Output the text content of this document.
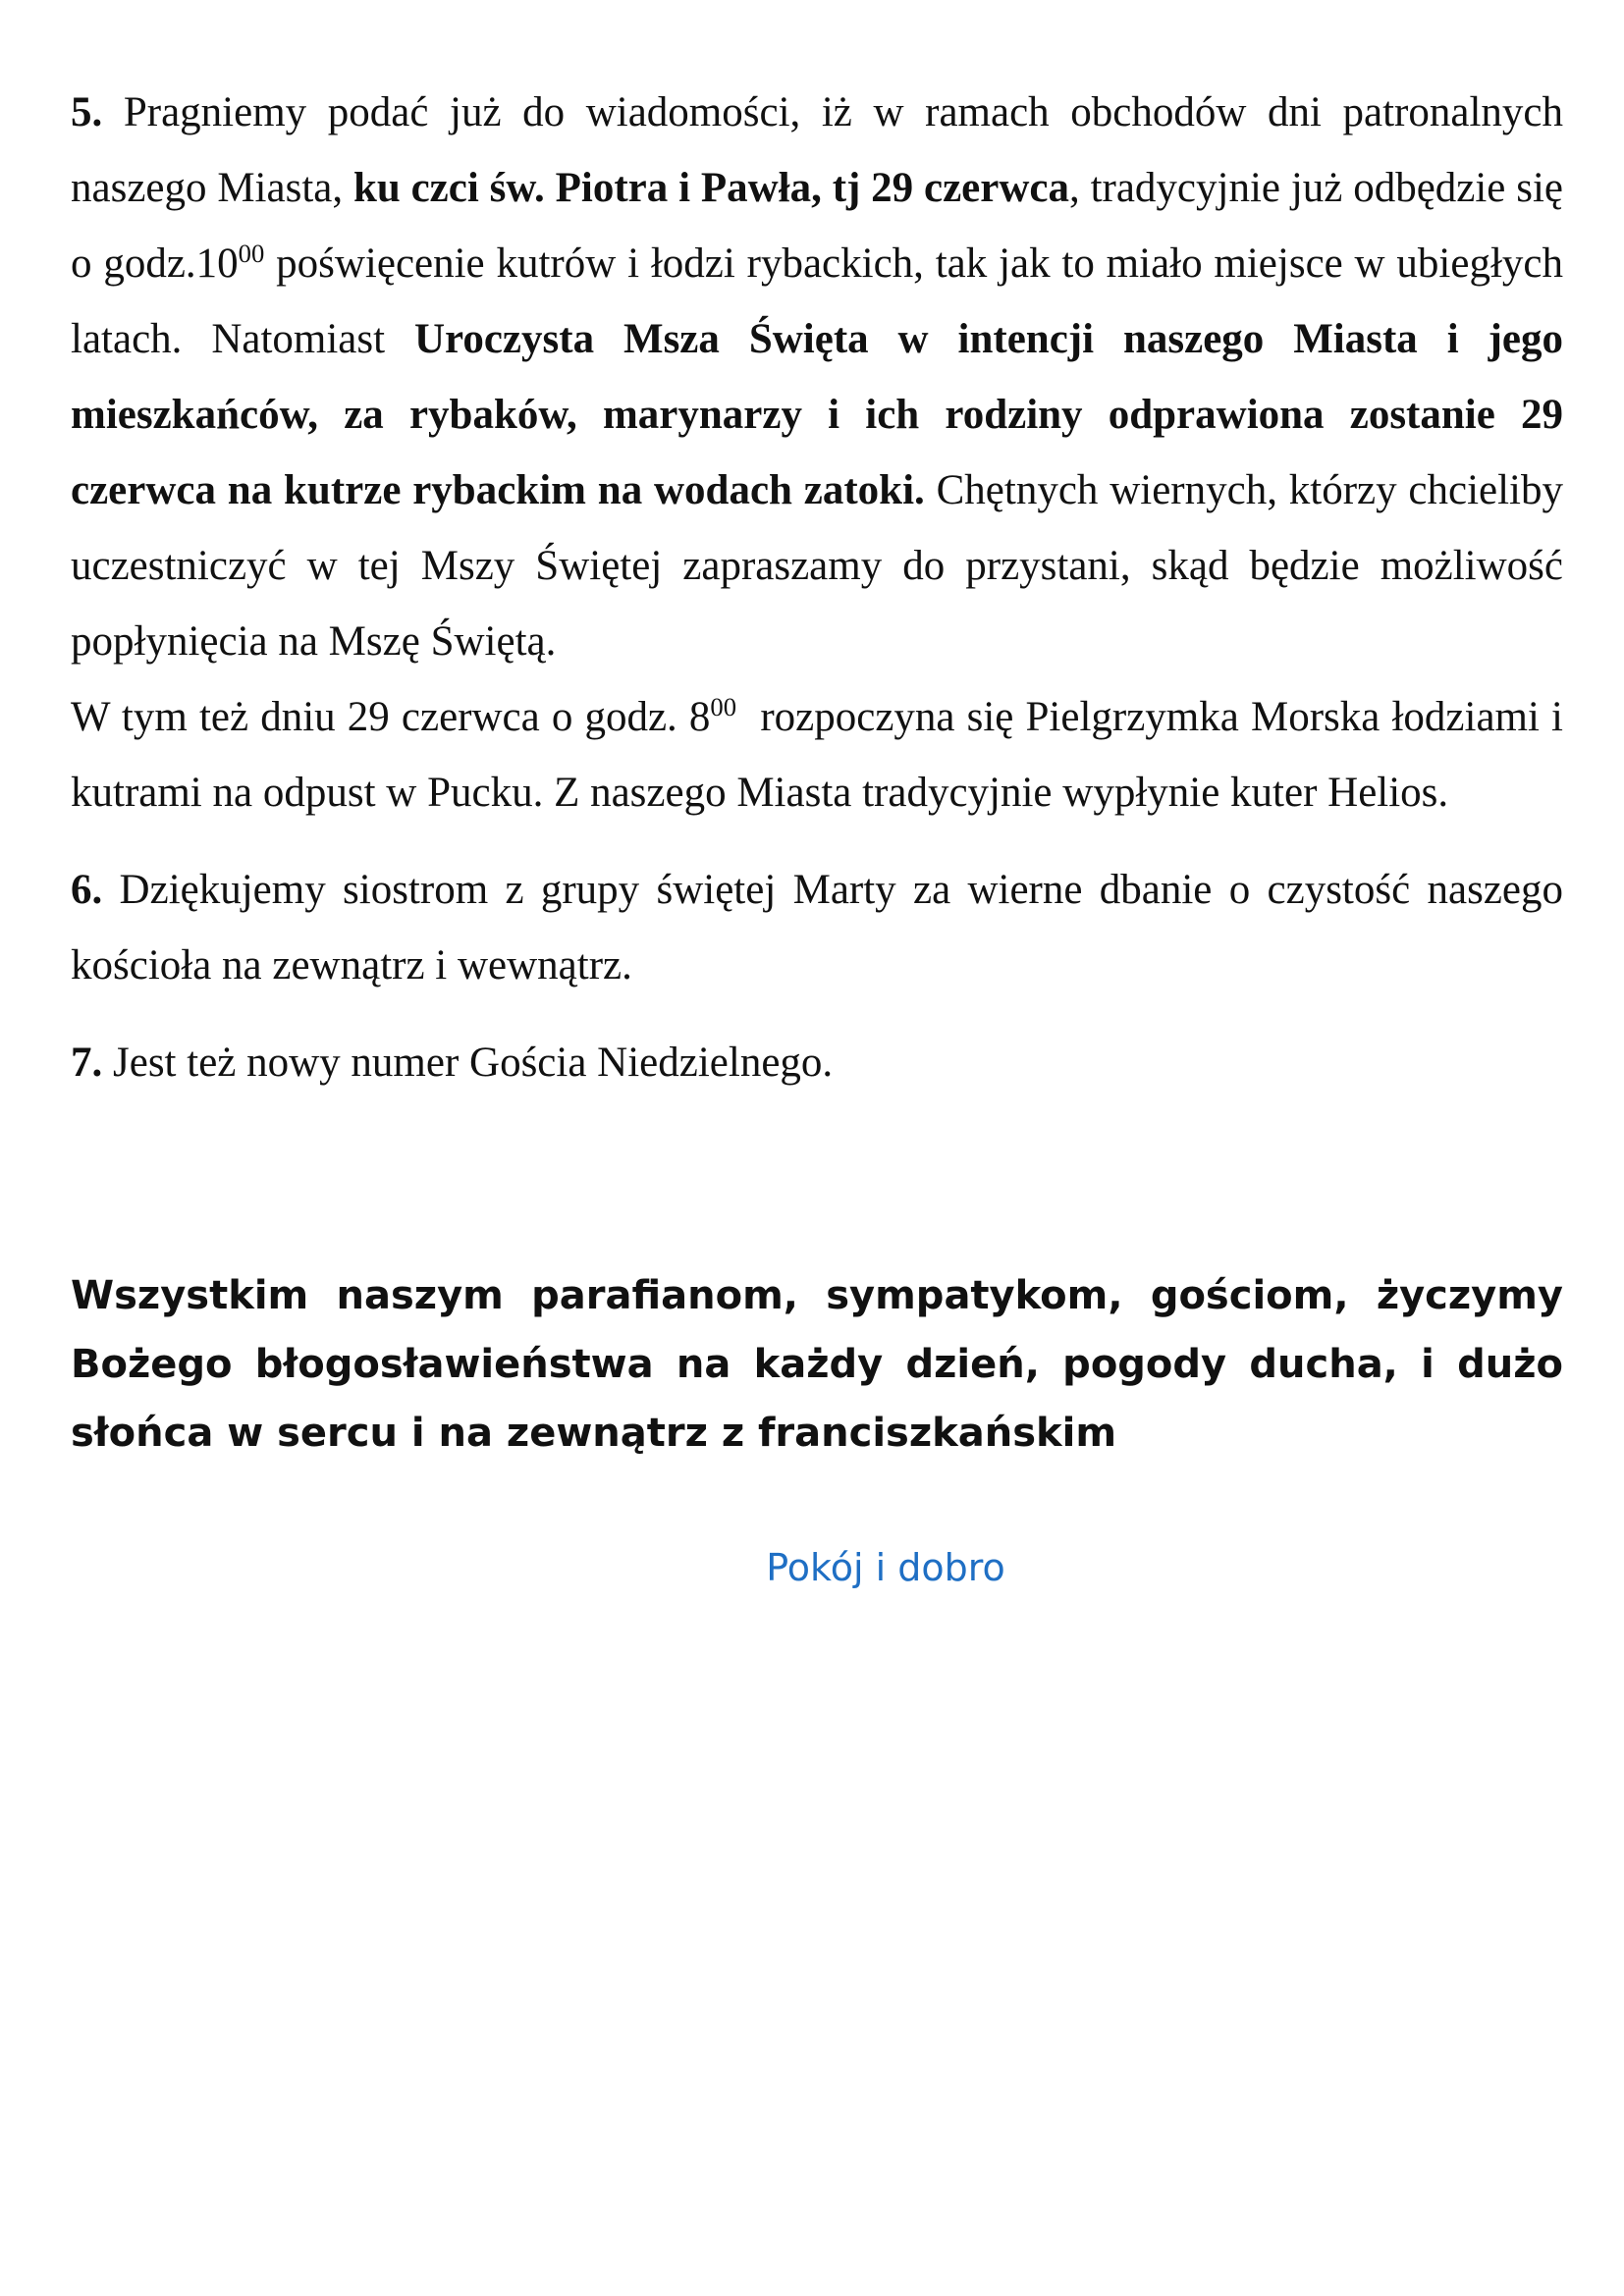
5. Pragniemy podać już do wiadomości, iż w ramach obchodów dni patronalnych naszego Miasta, ku czci św. Piotra i Pawła, tj 29 czerwca, tradycyjnie już odbędzie się o $godz.10^{00}$ poświęcenie kutrów i łodzi rybackich, tak jak to miało miejsce w ubiegłych latach. Natomiast Uroczysta Msza Święta w intencji naszego Miasta i jego mieszkańców, za rybaków, marynarzy i ich rodziny odprawiona zostanie 29 czerwca na kutrze rybackim na wodach zatoki. Chętnych wiernych, którzy chcieliby uczestniczyć w tej Mszy Świętej zapraszamy do przystani, skąd będzie możliwość popłynięcia na Mszę Świętą.

W tym też dniu 29 czerwca o godz. $8^{00}$  rozpoczyna się Pielgrzymka Morska łodziami i kutrami na odpust w Pucku. Z naszego Miasta tradycyjnie wypłynie kuter Helios.

6. Dziękujemy siostrom z grupy świętej Marty za wierne dbanie o czystość naszego kościoła na zewnątrz i wewnątrz.

7. Jest też nowy numer Gościa Niedzielnego.

Wszystkim naszym parafianom, sympatykom, gościom, życzymy Bożego błogosławieństwa na każdy dzień, pogody ducha, i dużo słońca w sercu i na zewnątrz z franciszkańskim
Pokój i dobro
